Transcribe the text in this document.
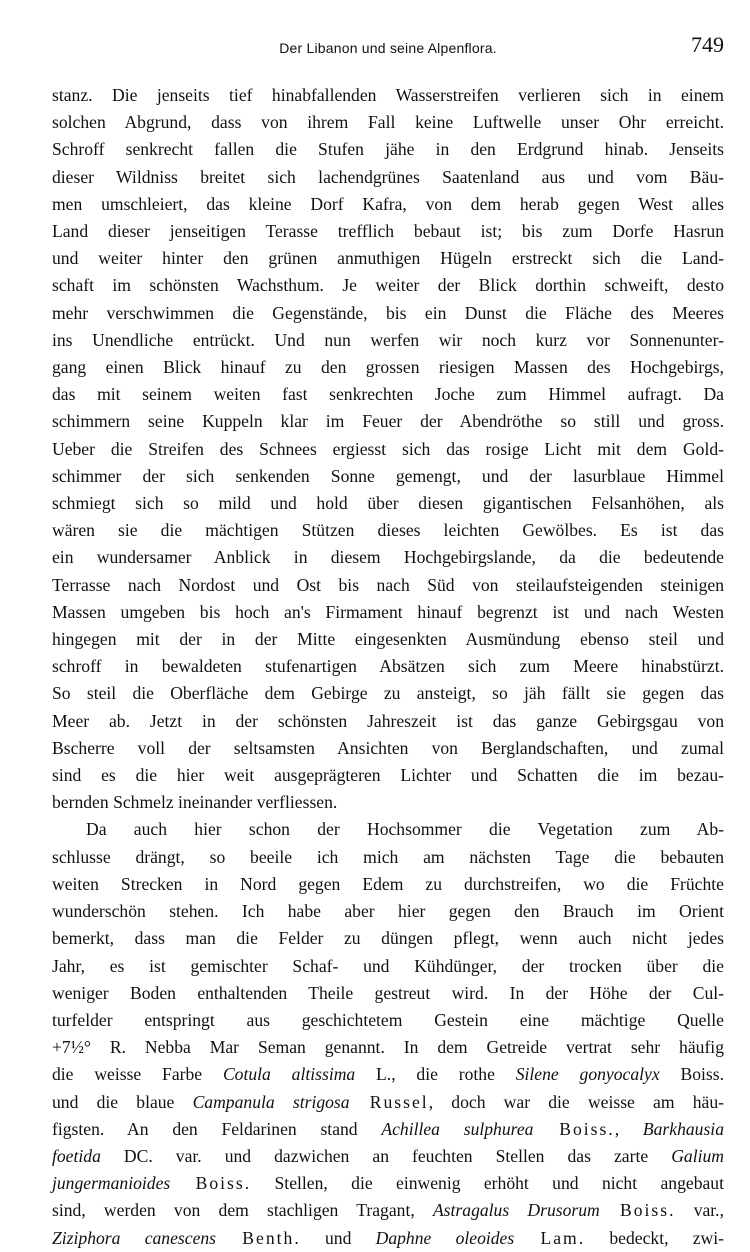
Der Libanon und seine Alpenflora.	749
stanz. Die jenseits tief hinabfallenden Wasserstreifen verlieren sich in einem
solchen Abgrund, dass von ihrem Fall keine Luftwelle unser Ohr erreicht.
Schroff senkrecht fallen die Stufen jähe in den Erdgrund hinab. Jenseits
dieser Wildniss breitet sich lachendgrünes Saatenland aus und vom Bäu-
men umschleiert, das kleine Dorf Kafra, von dem herab gegen West alles
Land dieser jenseitigen Terasse trefflich bebaut ist; bis zum Dorfe Hasrun
und weiter hinter den grünen anmuthigen Hügeln erstreckt sich die Land-
schaft im schönsten Wachsthum. Je weiter der Blick dorthin schweift, desto
mehr verschwimmen die Gegenstände, bis ein Dunst die Fläche des Meeres
ins Unendliche entrückt. Und nun werfen wir noch kurz vor Sonnenunter-
gang einen Blick hinauf zu den grossen riesigen Massen des Hochgebirgs,
das mit seinem weiten fast senkrechten Joche zum Himmel aufragt. Da
schimmern seine Kuppeln klar im Feuer der Abendröthe so still und gross.
Ueber die Streifen des Schnees ergiesst sich das rosige Licht mit dem Gold-
schimmer der sich senkenden Sonne gemengt, und der lasurblaue Himmel
schmiegt sich so mild und hold über diesen gigantischen Felsanhöhen, als
wären sie die mächtigen Stützen dieses leichten Gewölbes. Es ist das
ein wundersamer Anblick in diesem Hochgebirgslande, da die bedeutende
Terrasse nach Nordost und Ost bis nach Süd von steilaufsteigenden steinigen
Massen umgeben bis hoch an's Firmament hinauf begrenzt ist und nach Westen
hingegen mit der in der Mitte eingesenkten Ausmündung ebenso steil und
schroff in bewaldeten stufenartigen Absätzen sich zum Meere hinabstürzt.
So steil die Oberfläche dem Gebirge zu ansteigt, so jäh fällt sie gegen das
Meer ab. Jetzt in der schönsten Jahreszeit ist das ganze Gebirgsgau von
Bscherre voll der seltsamsten Ansichten von Berglandschaften, und zumal
sind es die hier weit ausgeprägteren Lichter und Schatten die im bezau-
bernden Schmelz ineinander verfliessen.
Da auch hier schon der Hochsommer die Vegetation zum Ab-
schlusse drängt, so beeile ich mich am nächsten Tage die bebauten
weiten Strecken in Nord gegen Edem zu durchstreifen, wo die Früchte
wunderschön stehen. Ich habe aber hier gegen den Brauch im Orient
bemerkt, dass man die Felder zu düngen pflegt, wenn auch nicht jedes
Jahr, es ist gemischter Schaf- und Kühdünger, der trocken über die
weniger Boden enthaltenden Theile gestreut wird. In der Höhe der Cul-
turfelder entspringt aus geschichtetem Gestein eine mächtige Quelle
+7½° R. Nebba Mar Seman genannt. In dem Getreide vertrat sehr häufig
die weisse Farbe Cotula altissima L., die rothe Silene gonyocalyx Boiss.
und die blaue Campanula strigosa Russel, doch war die weisse am häu-
figsten. An den Feldarinen stand Achillea sulphurea Boiss., Barkhausia
foetida DC. var. und dazwichen an feuchten Stellen das zarte Galium
jungermanioides Boiss. Stellen, die einwenig erhöht und nicht angebaut
sind, werden von dem stachligen Tragant, Astragalus Drusorum Boiss. var.,
Ziziphora canescens Benth. und Daphne oleoides Lam. bedeckt, zwi-
